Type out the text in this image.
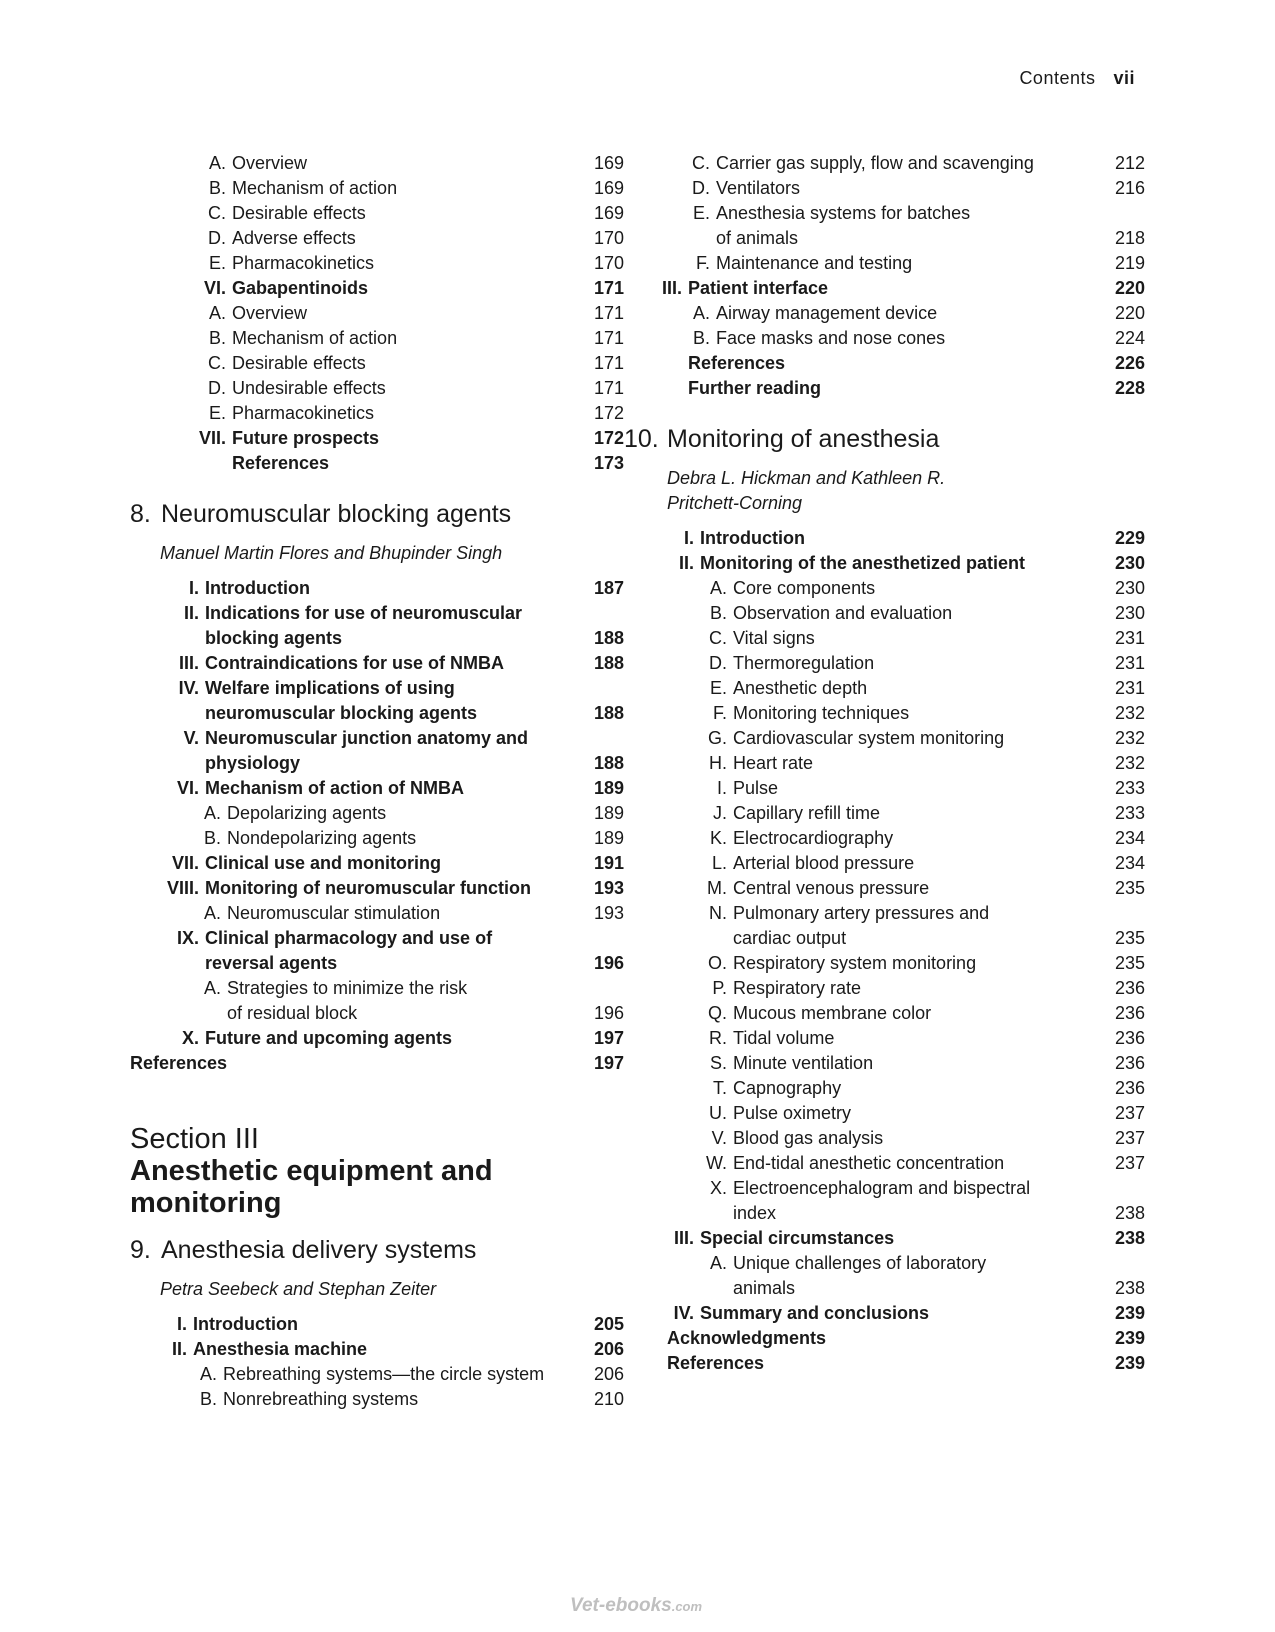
Contents vii
A. Overview	169
B. Mechanism of action	169
C. Desirable effects	169
D. Adverse effects	170
E. Pharmacokinetics	170
VI. Gabapentinoids	171
A. Overview	171
B. Mechanism of action	171
C. Desirable effects	171
D. Undesirable effects	171
E. Pharmacokinetics	172
VII. Future prospects	172
References	173
8. Neuromuscular blocking agents
Manuel Martin Flores and Bhupinder Singh
I. Introduction	187
II. Indications for use of neuromuscular
blocking agents	188
III. Contraindications for use of NMBA	188
IV. Welfare implications of using
neuromuscular blocking agents	188
V. Neuromuscular junction anatomy and
physiology	188
VI. Mechanism of action of NMBA	189
A. Depolarizing agents	189
B. Nondepolarizing agents	189
VII. Clinical use and monitoring	191
VIII. Monitoring of neuromuscular function	193
A. Neuromuscular stimulation	193
IX. Clinical pharmacology and use of
reversal agents	196
A. Strategies to minimize the risk
of residual block	196
X. Future and upcoming agents	197
References	197
Section III
Anesthetic equipment and
monitoring
9. Anesthesia delivery systems
Petra Seebeck and Stephan Zeiter
I. Introduction	205
II. Anesthesia machine	206
A. Rebreathing systems—the circle system	206
B. Nonrebreathing systems	210
C. Carrier gas supply, flow and scavenging	212
D. Ventilators	216
E. Anesthesia systems for batches
of animals	218
F. Maintenance and testing	219
III. Patient interface	220
A. Airway management device	220
B. Face masks and nose cones	224
References	226
Further reading	228
10. Monitoring of anesthesia
Debra L. Hickman and Kathleen R.
Pritchett-Corning
I. Introduction	229
II. Monitoring of the anesthetized patient	230
A. Core components	230
B. Observation and evaluation	230
C. Vital signs	231
D. Thermoregulation	231
E. Anesthetic depth	231
F. Monitoring techniques	232
G. Cardiovascular system monitoring	232
H. Heart rate	232
I. Pulse	233
J. Capillary refill time	233
K. Electrocardiography	234
L. Arterial blood pressure	234
M. Central venous pressure	235
N. Pulmonary artery pressures and
cardiac output	235
O. Respiratory system monitoring	235
P. Respiratory rate	236
Q. Mucous membrane color	236
R. Tidal volume	236
S. Minute ventilation	236
T. Capnography	236
U. Pulse oximetry	237
V. Blood gas analysis	237
W. End-tidal anesthetic concentration	237
X. Electroencephalogram and bispectral
index	238
III. Special circumstances	238
A. Unique challenges of laboratory
animals	238
IV. Summary and conclusions	239
Acknowledgments	239
References	239
Vet-ebooks.com
